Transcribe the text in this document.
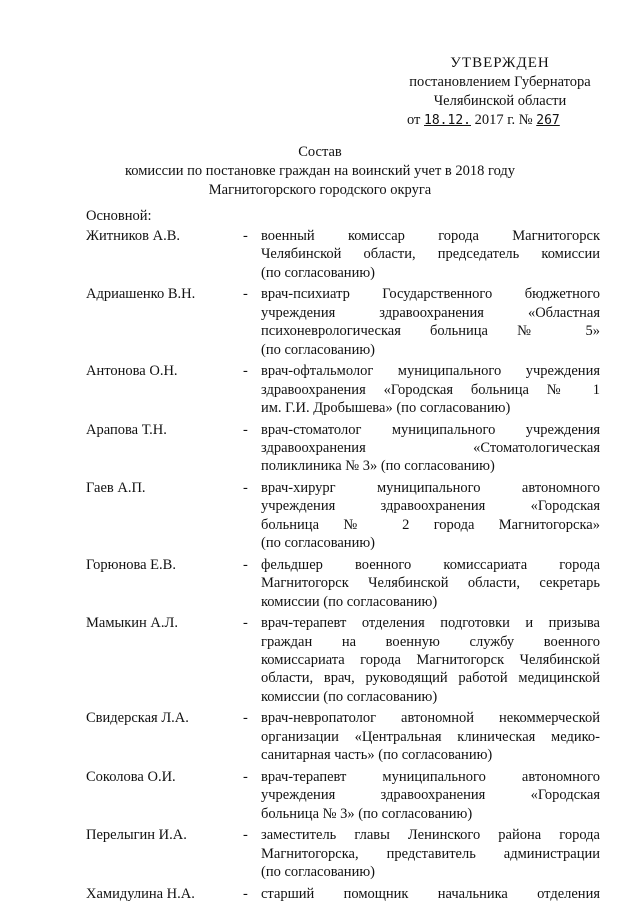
УТВЕРЖДЕН
постановлением Губернатора
Челябинской области
от 18.12. 2017 г. № 267
Состав
комиссии по постановке граждан на воинский учет в 2018 году
Магнитогорского городского округа
Основной:
Житников А.В.	- военный комиссар города Магнитогорск
Челябинской области, председатель комиссии
(по согласованию)
Адриашенко В.Н.	- врач-психиатр Государственного бюджетного
учреждения здравоохранения «Областная
психоневрологическая больница № 5»
(по согласованию)
Антонова О.Н.	- врач-офтальмолог муниципального учреждения
здравоохранения «Городская больница № 1
им. Г.И. Дробышева» (по согласованию)
Арапова Т.Н.	- врач-стоматолог муниципального учреждения
здравоохранения «Стоматологическая
поликлиника № 3» (по согласованию)
Гаев А.П.	- врач-хирург муниципального автономного
учреждения здравоохранения «Городская
больница № 2 города Магнитогорска»
(по согласованию)
Горюнова Е.В.	- фельдшер военного комиссариата города
Магнитогорск Челябинской области, секретарь
комиссии (по согласованию)
Мамыкин А.Л.	- врач-терапевт отделения подготовки и призыва
граждан на военную службу военного
комиссариата города Магнитогорск Челябинской
области, врач, руководящий работой медицинской
комиссии (по согласованию)
Свидерская Л.А.	- врач-невропатолог автономной некоммерческой
организации «Центральная клиническая медико-
санитарная часть» (по согласованию)
Соколова О.И.	- врач-терапевт муниципального автономного
учреждения здравоохранения «Городская
больница № 3» (по согласованию)
Перелыгин И.А.	- заместитель главы Ленинского района города
Магнитогорска, представитель администрации
(по согласованию)
Хамидулина Н.А.	- старший помощник начальника отделения
